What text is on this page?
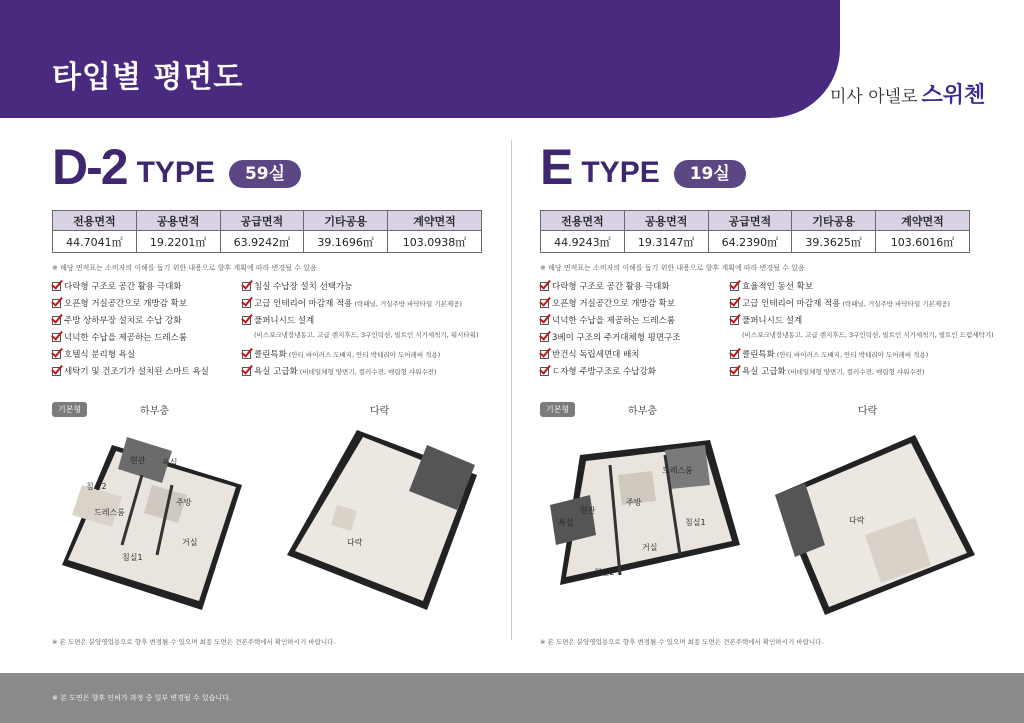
타입별 평면도
미사 아넬로 스위첸
D-2 TYPE	59실
전용면적	공용면적	공급면적	기타공용	계약면적
44.7041㎡	19.2201㎡	63.9242㎡	39.1696㎡	103.0938㎡
※ 해당 면적표는 소비자의 이해를 돕기 위한 내용으로 향후 계획에 따라 변경될 수 있음
다락형 구조로 공간 활용 극대화
오픈형 거실공간으로 개방감 확보
주방 상하부장 설치로 수납 강화
넉넉한 수납을 제공하는 드레스룸
호텔식 분리형 욕실
세탁기 및 건조기가 설치된 스마트 욕실
침실 수납장 설치 선택가능
고급 인테리어 마감재 적용 (락패널, 거실주방 바닥타일 기본제공)
풀퍼니시드 설계
(비스포크냉장냉동고, 고급 렌지후드, 3구인덕션, 빌트인 식기세척기, 워시타워)
클린특화 (안티 바이러스 도배지, 안티 박테리아 도어레버 적용)
욕실 고급화 (비데일체형 양변기, 컬러수전, 매립형 샤워수전)
기본형	하부층	다락
현관 욕실
침실2
주방
드레스룸
거실
침실1
다락
※ 본 도면은 분양영업용으로 향후 변경될 수 있으며 최종 도면은 견본주택에서 확인하시기 바랍니다.
E TYPE	19실
전용면적	공용면적	공급면적	기타공용	계약면적
44.9243㎡	19.3147㎡	64.2390㎡	39.3625㎡	103.6016㎡
※ 해당 면적표는 소비자의 이해를 돕기 위한 내용으로 향후 계획에 따라 변경될 수 있음
다락형 구조로 공간 활용 극대화
오픈형 거실공간으로 개방감 확보
넉넉한 수납을 제공하는 드레스룸
3베이 구조의 주거대체형 평면구조
반건식 독립세면대 배치
ㄷ자형 주방구조로 수납강화
효율적인 동선 확보
고급 인테리어 마감재 적용 (락패널, 거실주방 바닥타일 기본제공)
풀퍼니시드 설계
(비스포크냉장냉동고, 고급 렌지후드, 3구인덕션, 빌트인 식기세척기, 빌트인 드럼세탁기)
클린특화 (안티 바이러스 도배지, 안티 박테리아 도어레버 적용)
욕실 고급화 (비데일체형 양변기, 컬러수전, 매립형 샤워수전)
기본형	하부층	다락
욕실
현관
주방
드레스룸
침실1
거실
침실2
다락
※ 본 도면은 분양영업용으로 향후 변경될 수 있으며 최종 도면은 견본주택에서 확인하시기 바랍니다.
※ 본 도면은 향후 인허가 과정 중 일부 변경될 수 있습니다.
